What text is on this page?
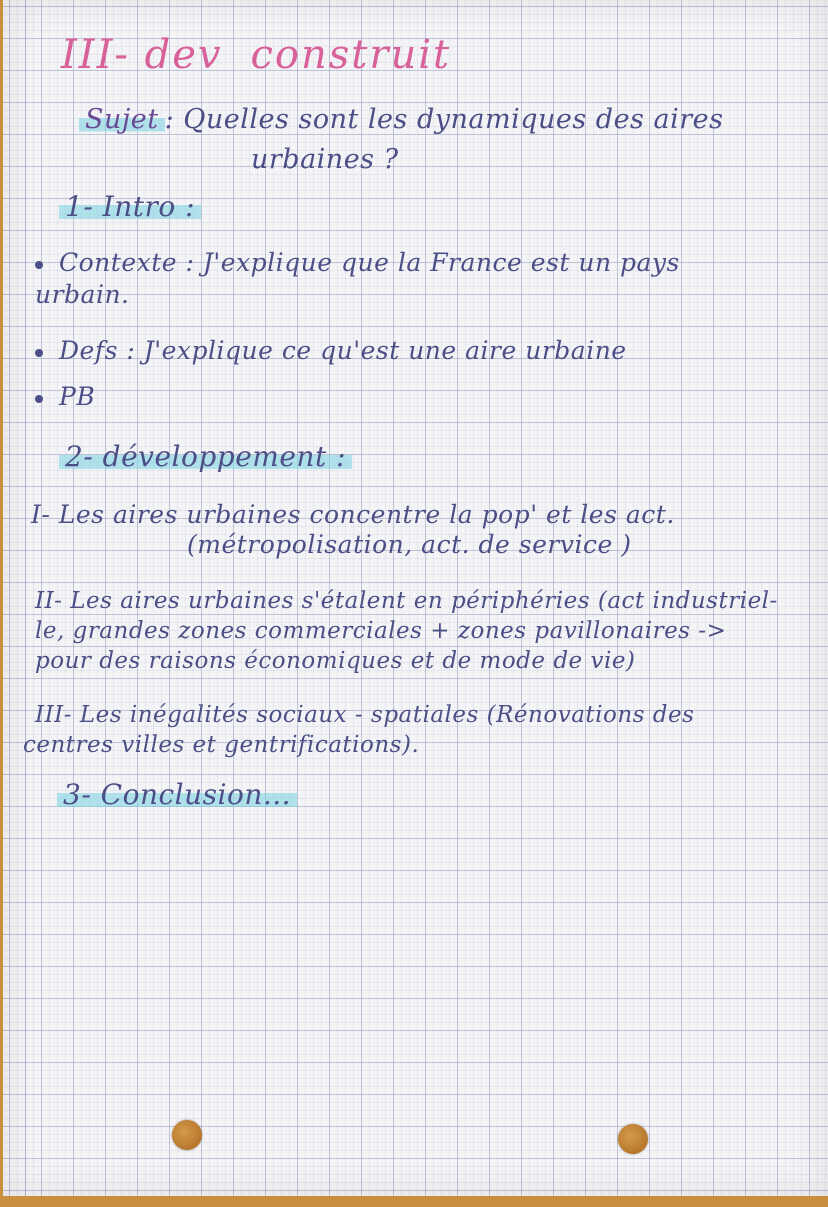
III- dev construit
Sujet : Quelles sont les dynamiques des aires
urbaines ?
1- Intro :
Contexte : J'explique que la France est un pays
urbain.
Defs : J'explique ce qu'est une aire urbaine
PB
2- développement :
I- Les aires urbaines concentre la pop' et les act.
(métropolisation, act. de service )
II- Les aires urbaines s'étalent en périphéries (act industriel-
le, grandes zones commerciales + zones pavillonaires ->
pour des raisons économiques et de mode de vie)
III- Les inégalités sociaux - spatiales (Rénovations des
centres villes et gentrifications).
3- Conclusion...
